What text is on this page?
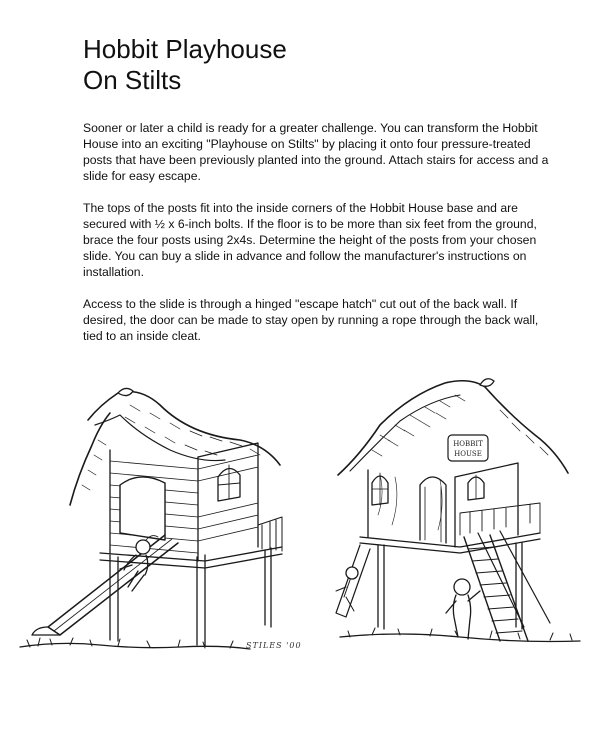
Hobbit Playhouse
On Stilts

Sooner or later a child is ready for a greater challenge. You can transform the Hobbit House into an exciting "Playhouse on Stilts" by placing it onto four pressure-treated posts that have been previously planted into the ground. Attach stairs for access and a slide for easy escape.

The tops of the posts fit into the inside corners of the Hobbit House base and are secured with ½ x 6-inch bolts. If the floor is to be more than six feet from the ground, brace the four posts using 2x4s. Determine the height of the posts from your chosen slide. You can buy a slide in advance and follow the manufacturer's instructions on installation.

Access to the slide is through a hinged "escape hatch" cut out of the back wall. If desired, the door can be made to stay open by running a rope through the back wall, tied to an inside cleat.

HOBBIT
HOUSE
STILES '00
